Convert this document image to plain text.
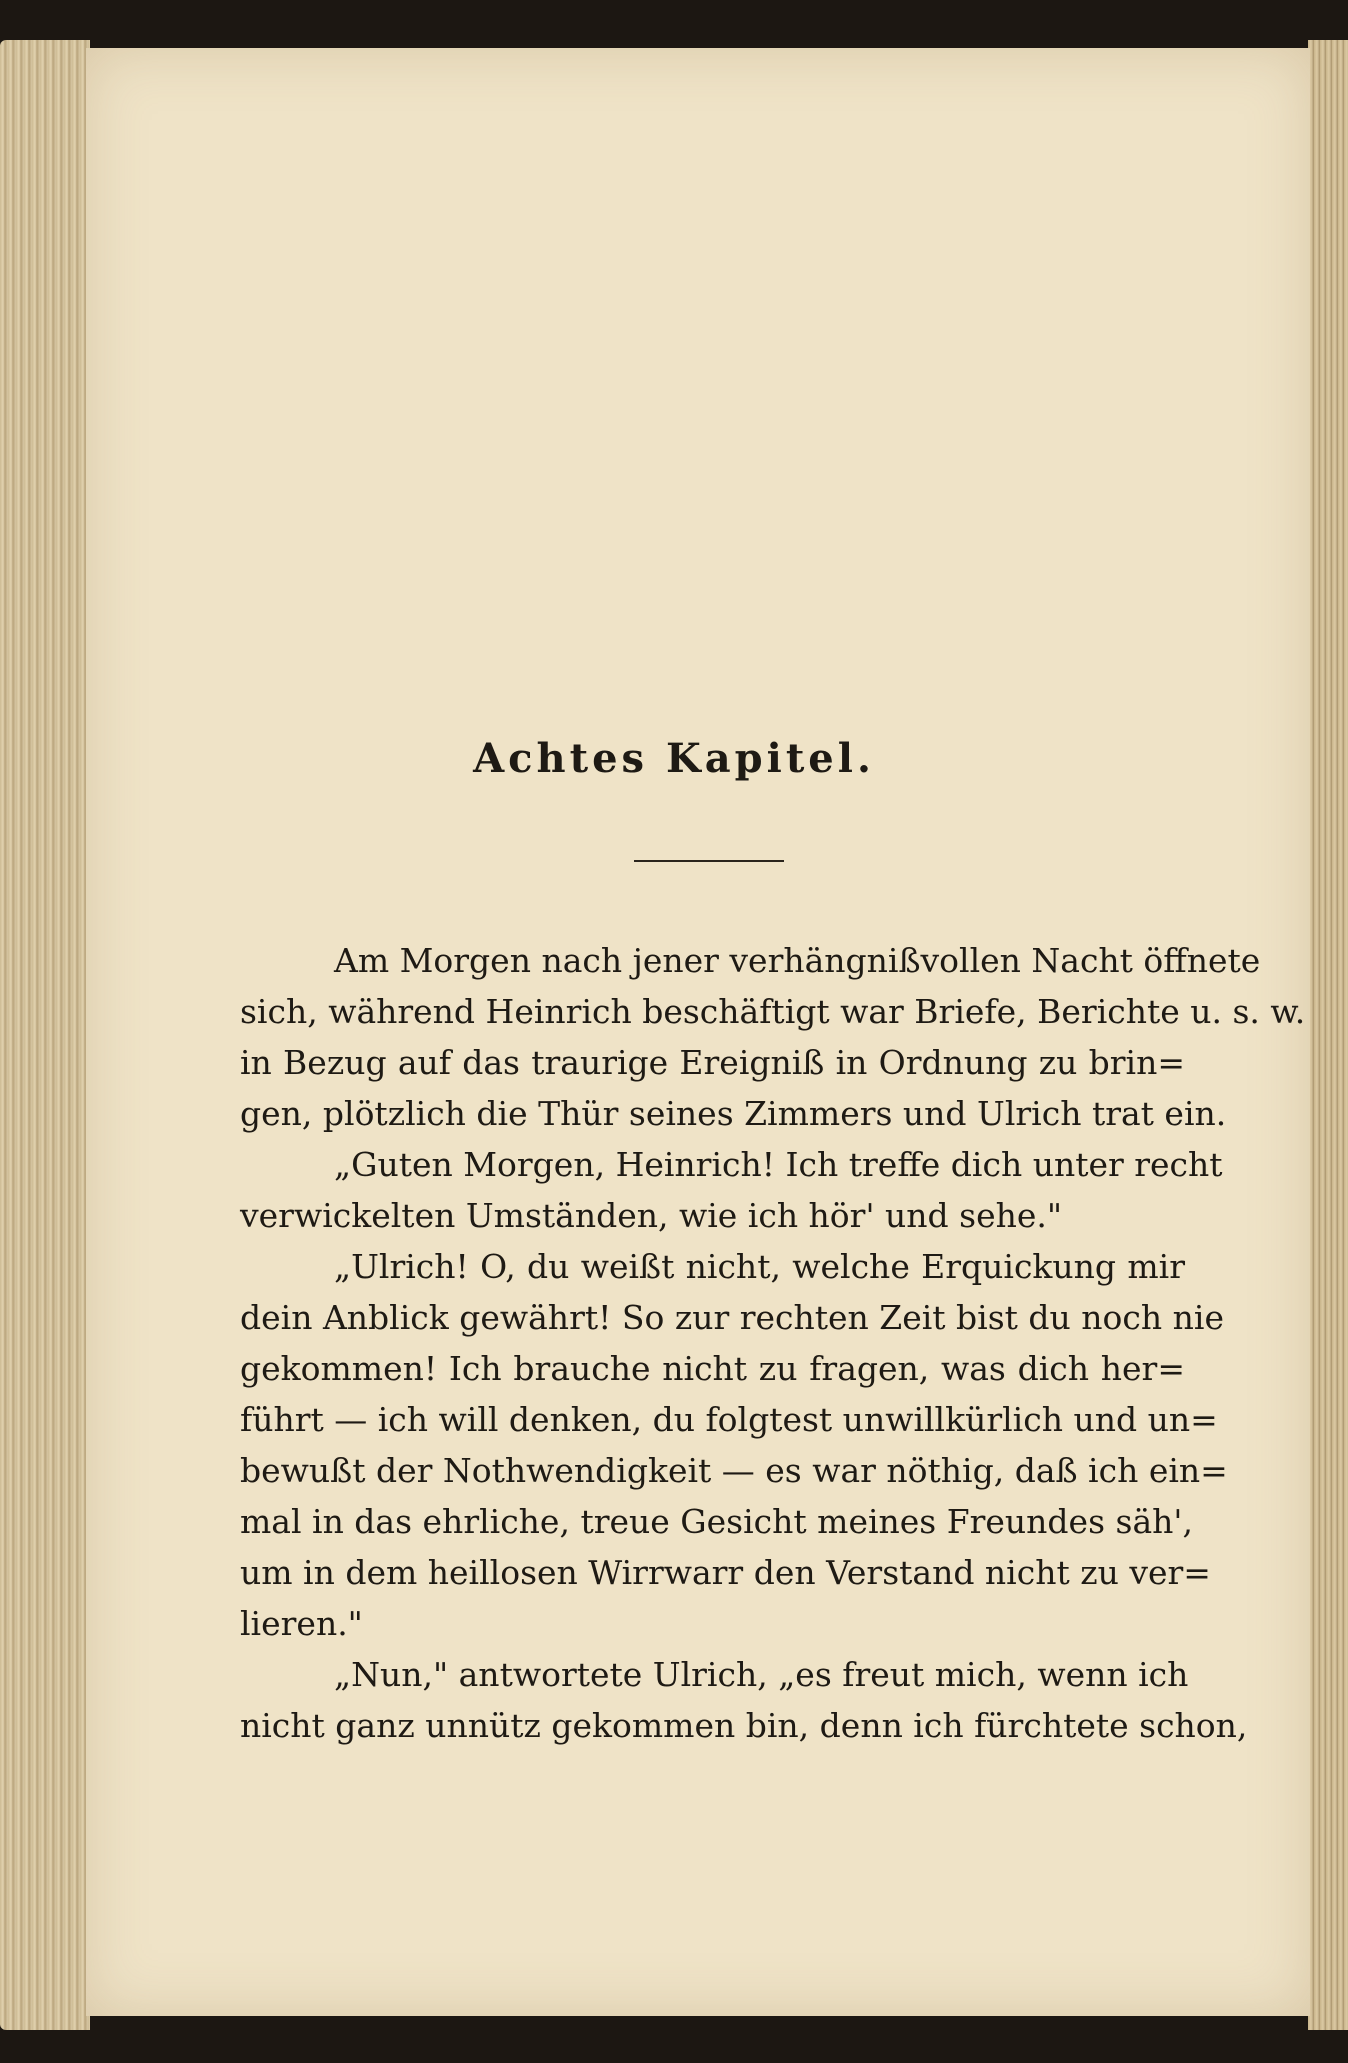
Achtes Kapitel.
Am Morgen nach jener verhängnißvollen Nacht öffnete
sich, während Heinrich beschäftigt war Briefe, Berichte u. s. w.
in Bezug auf das traurige Ereigniß in Ordnung zu brin=
gen, plötzlich die Thür seines Zimmers und Ulrich trat ein.
„Guten Morgen, Heinrich! Ich treffe dich unter recht
verwickelten Umständen, wie ich hör' und sehe."
„Ulrich! O, du weißt nicht, welche Erquickung mir
dein Anblick gewährt! So zur rechten Zeit bist du noch nie
gekommen! Ich brauche nicht zu fragen, was dich her=
führt — ich will denken, du folgtest unwillkürlich und un=
bewußt der Nothwendigkeit — es war nöthig, daß ich ein=
mal in das ehrliche, treue Gesicht meines Freundes säh',
um in dem heillosen Wirrwarr den Verstand nicht zu ver=
lieren."
„Nun," antwortete Ulrich, „es freut mich, wenn ich
nicht ganz unnütz gekommen bin, denn ich fürchtete schon,
